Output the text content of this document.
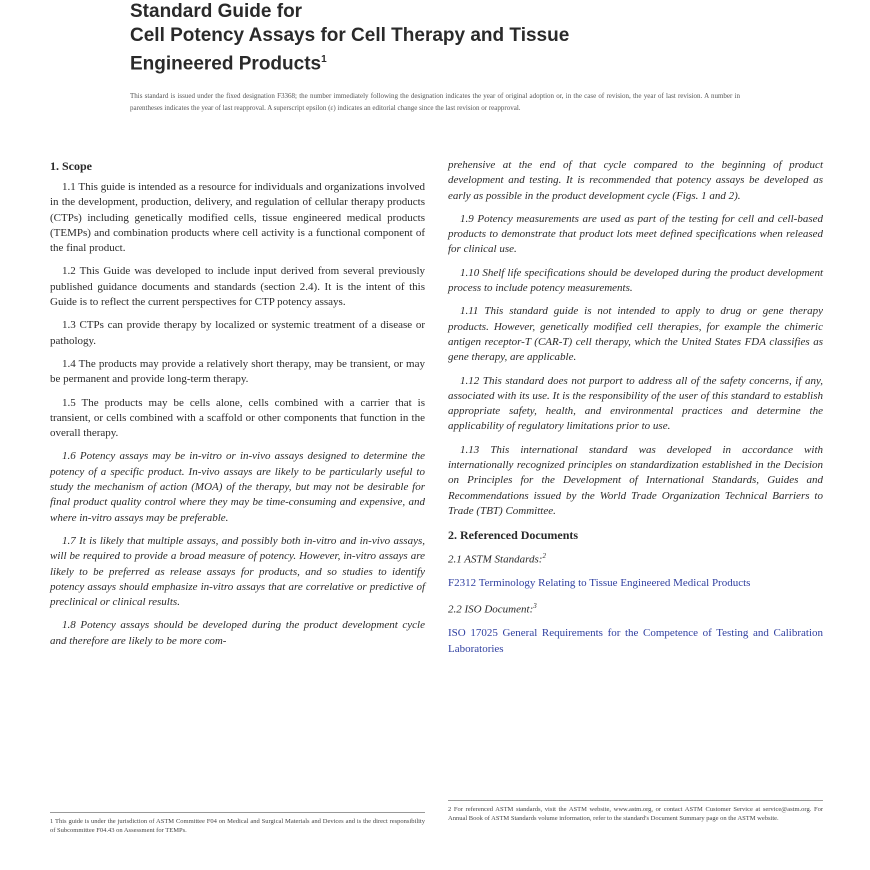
Standard Guide for
Cell Potency Assays for Cell Therapy and Tissue
Engineered Products$^1$
This standard is issued under the fixed designation F3368; the number immediately following the designation indicates the year of original adoption or, in the case of revision, the year of last revision. A number in parentheses indicates the year of last reapproval. A superscript epsilon (ε) indicates an editorial change since the last revision or reapproval.
1. Scope

1.1 This guide is intended as a resource for individuals and organizations involved in the development, production, delivery, and regulation of cellular therapy products (CTPs) including genetically modified cells, tissue engineered medical products (TEMPs) and combination products where cell activity is a functional component of the final product.

1.2 This Guide was developed to include input derived from several previously published guidance documents and standards (section 2.4). It is the intent of this Guide is to reflect the current perspectives for CTP potency assays.

1.3 CTPs can provide therapy by localized or systemic treatment of a disease or pathology.

1.4 The products may provide a relatively short therapy, may be transient, or may be permanent and provide long-term therapy.

1.5 The products may be cells alone, cells combined with a carrier that is transient, or cells combined with a scaffold or other components that function in the overall therapy.

1.6 Potency assays may be in-vitro or in-vivo assays designed to determine the potency of a specific product. In-vivo assays are likely to be particularly useful to study the mechanism of action (MOA) of the therapy, but may not be desirable for final product quality control where they may be time-consuming and expensive, and where in-vitro assays may be preferable.

1.7 It is likely that multiple assays, and possibly both in-vitro and in-vivo assays, will be required to provide a broad measure of potency. However, in-vitro assays are likely to be preferred as release assays for products, and so studies to identify potency assays should emphasize in-vitro assays that are correlative or predictive of preclinical or clinical results.

1.8 Potency assays should be developed during the product development cycle and therefore are likely to be more com-

prehensive at the end of that cycle compared to the beginning of product development and testing. It is recommended that potency assays be developed as early as possible in the product development cycle (Figs. 1 and 2).

1.9 Potency measurements are used as part of the testing for cell and cell-based products to demonstrate that product lots meet defined specifications when released for clinical use.

1.10 Shelf life specifications should be developed during the product development process to include potency measurements.

1.11 This standard guide is not intended to apply to drug or gene therapy products. However, genetically modified cell therapies, for example the chimeric antigen receptor-T (CAR-T) cell therapy, which the United States FDA classifies as gene therapy, are applicable.

1.12 This standard does not purport to address all of the safety concerns, if any, associated with its use. It is the responsibility of the user of this standard to establish appropriate safety, health, and environmental practices and determine the applicability of regulatory limitations prior to use.

1.13 This international standard was developed in accordance with internationally recognized principles on standardization established in the Decision on Principles for the Development of International Standards, Guides and Recommendations issued by the World Trade Organization Technical Barriers to Trade (TBT) Committee.

2. Referenced Documents

2.1 ASTM Standards:$^2$

F2312 Terminology Relating to Tissue Engineered Medical Products

2.2 ISO Document:$^3$

ISO 17025 General Requirements for the Competence of Testing and Calibration Laboratories

1 This guide is under the jurisdiction of ASTM Committee F04 on Medical and Surgical Materials and Devices and is the direct responsibility of Subcommittee F04.43 on Assessment for TEMPs.
2 For referenced ASTM standards, visit the ASTM website, www.astm.org, or contact ASTM Customer Service at service@astm.org. For Annual Book of ASTM Standards volume information, refer to the standard's Document Summary page on the ASTM website.
